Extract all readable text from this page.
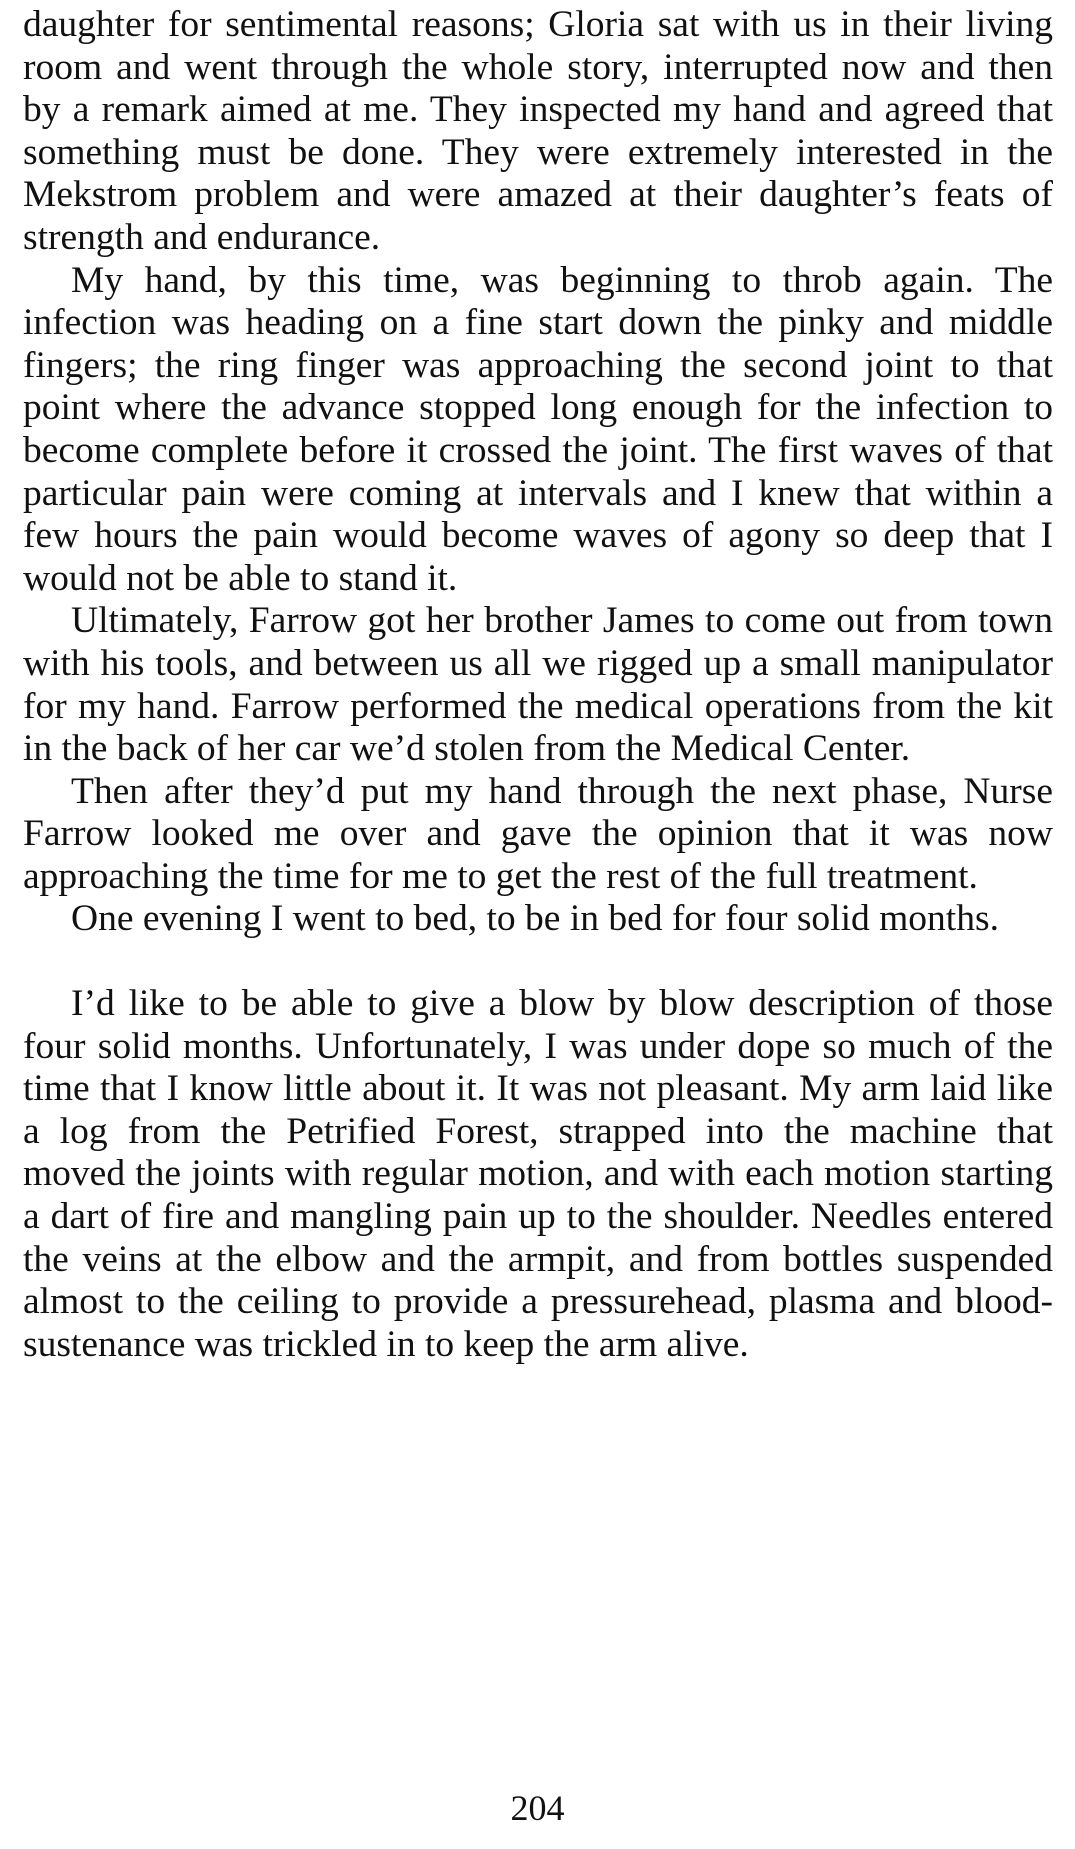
daughter for sentimental reasons; Gloria sat with us in their living room and went through the whole story, interrupted now and then by a remark aimed at me. They inspected my hand and agreed that something must be done. They were extremely interested in the Mekstrom problem and were amazed at their daughter’s feats of strength and endurance.

My hand, by this time, was beginning to throb again. The infection was heading on a fine start down the pinky and middle fingers; the ring finger was approaching the second joint to that point where the advance stopped long enough for the infection to become complete before it crossed the joint. The first waves of that particular pain were coming at intervals and I knew that within a few hours the pain would become waves of agony so deep that I would not be able to stand it.

Ultimately, Farrow got her brother James to come out from town with his tools, and between us all we rigged up a small manipulator for my hand. Farrow performed the medical operations from the kit in the back of her car we’d stolen from the Medical Center.

Then after they’d put my hand through the next phase, Nurse Farrow looked me over and gave the opinion that it was now approaching the time for me to get the rest of the full treatment.

One evening I went to bed, to be in bed for four solid months.

I’d like to be able to give a blow by blow description of those four solid months. Unfortunately, I was under dope so much of the time that I know little about it. It was not pleasant. My arm laid like a log from the Petrified Forest, strapped into the machine that moved the joints with regular motion, and with each motion starting a dart of fire and mangling pain up to the shoulder. Needles entered the veins at the elbow and the armpit, and from bottles suspended almost to the ceiling to provide a pressurehead, plasma and blood-sustenance was trickled in to keep the arm alive.

204
